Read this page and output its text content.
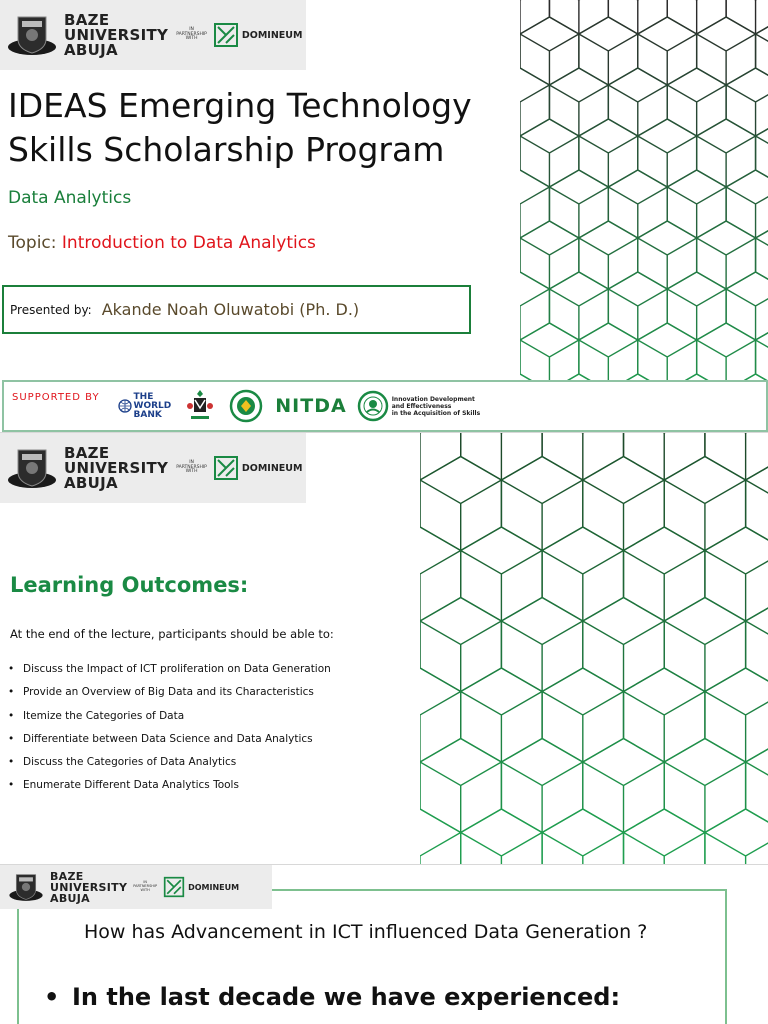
BAZE
UNIVERSITY
ABUJA
IN
PARTNERSHIP
WITH	DOMINEUM
IDEAS Emerging Technology
Skills Scholarship Program
Data Analytics
Topic: Introduction to Data Analytics
Presented by: Akande Noah Oluwatobi (Ph. D.)
SUPPORTED BY	THE
WORLD
BANK	NITDA	Innovation Development
and Effectiveness
in the Acquisition of Skills
BAZE
UNIVERSITY
ABUJA
IN
PARTNERSHIP
WITH	DOMINEUM
Learning Outcomes:
At the end of the lecture, participants should be able to:
• Discuss the Impact of ICT proliferation on Data Generation
• Provide an Overview of Big Data and its Characteristics
• Itemize the Categories of Data
• Differentiate between Data Science and Data Analytics
• Discuss the Categories of Data Analytics
• Enumerate Different Data Analytics Tools
BAZE
UNIVERSITY
ABUJA
IN
PARTNERSHIP
WITH	DOMINEUM
How has Advancement in ICT influenced Data Generation ?
• In the last decade we have experienced:
